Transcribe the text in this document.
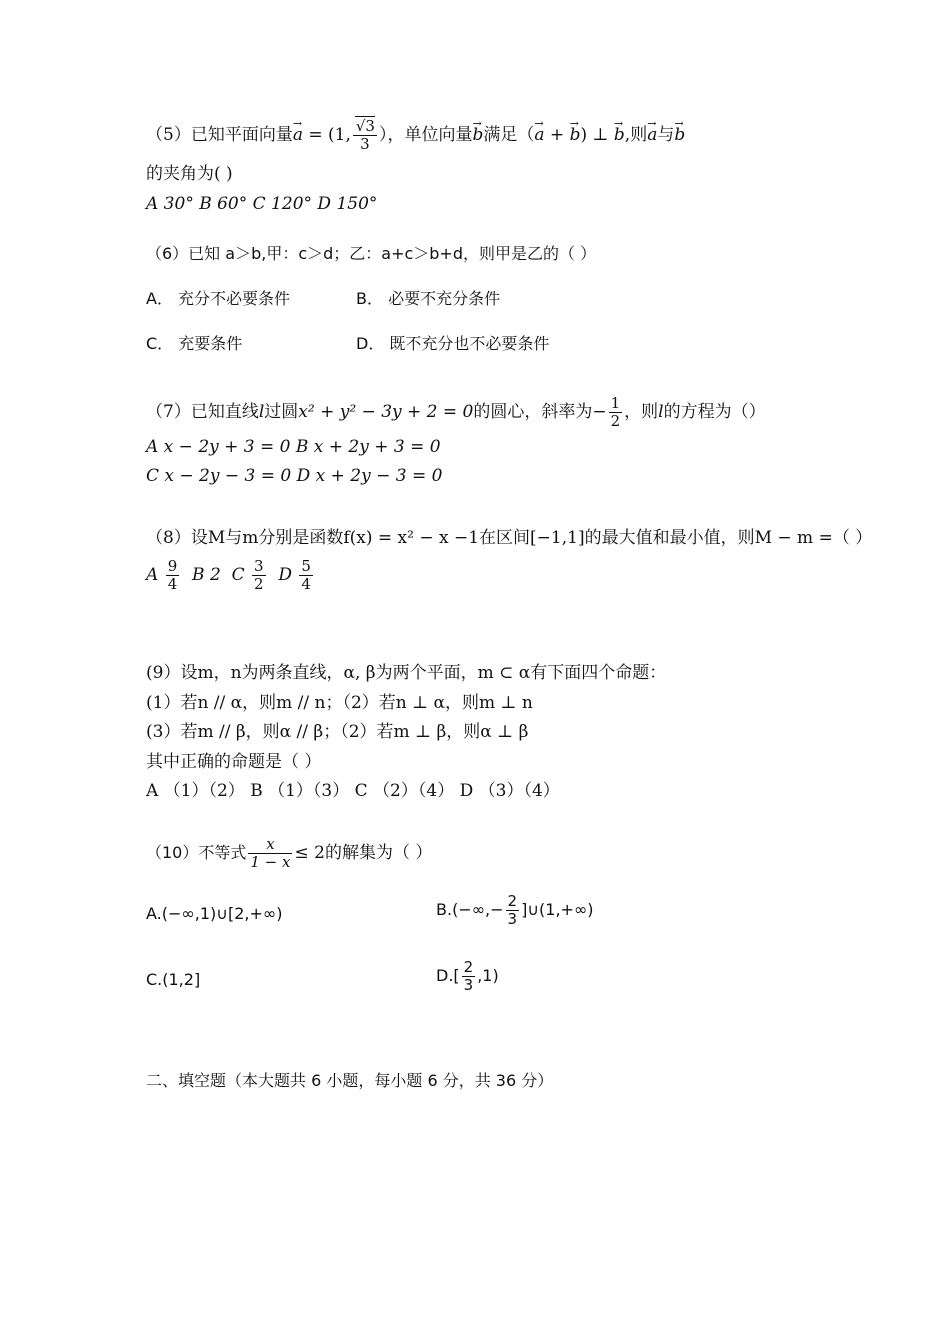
（5）已知平面向量→ a = (1, $\frac{√3}{3}$ ），单位向量→ b满足（→ a + → b) ⊥ → b,则→ a与→ b
的夹角为( )
A 30° B 60° C 120° D 150°
（6）已知 a＞b,甲：c＞d；乙：a+c＞b+d，则甲是乙的（ ）
A． 充分不必要条件	B． 必要不充分条件
C． 充要条件	D． 既不充分也不必要条件
（7）已知直线l过圆x² + y² − 3y + 2 = 0的圆心，斜率为− $\frac{1}{2}$ ，则l的方程为（）
A x − 2y + 3 = 0 B x + 2y + 3 = 0
C x − 2y − 3 = 0 D x + 2y − 3 = 0
（8）设M与m分别是函数f(x) = x² − x −1在区间[−1,1]的最大值和最小值，则M − m =（ ）
A $\frac{9}{4}$ B 2 C $\frac{3}{2}$ D $\frac{5}{4}$
(9）设m，n为两条直线，α, β为两个平面，m ⊂ α有下面四个命题：
(1）若n // α，则m // n；（2）若n ⊥ α，则m ⊥ n
(3）若m // β，则α // β；（2）若m ⊥ β，则α ⊥ β
其中正确的命题是（ ）
A （1）（2） B （1）（3） C （2）（4） D （3）（4）
（10）不等式 $\frac{x}{1 - x} \le 2$的解集为（ ）
A.(−∞,1)∪[2,+∞)	$B.(-\infty,- \frac{2}{3}$ ]∪(1,+∞)
C.(1,2]	$D.[ \frac{2}{3} ,1)$
二、填空题（本大题共 6 小题，每小题 6 分，共 36 分）
